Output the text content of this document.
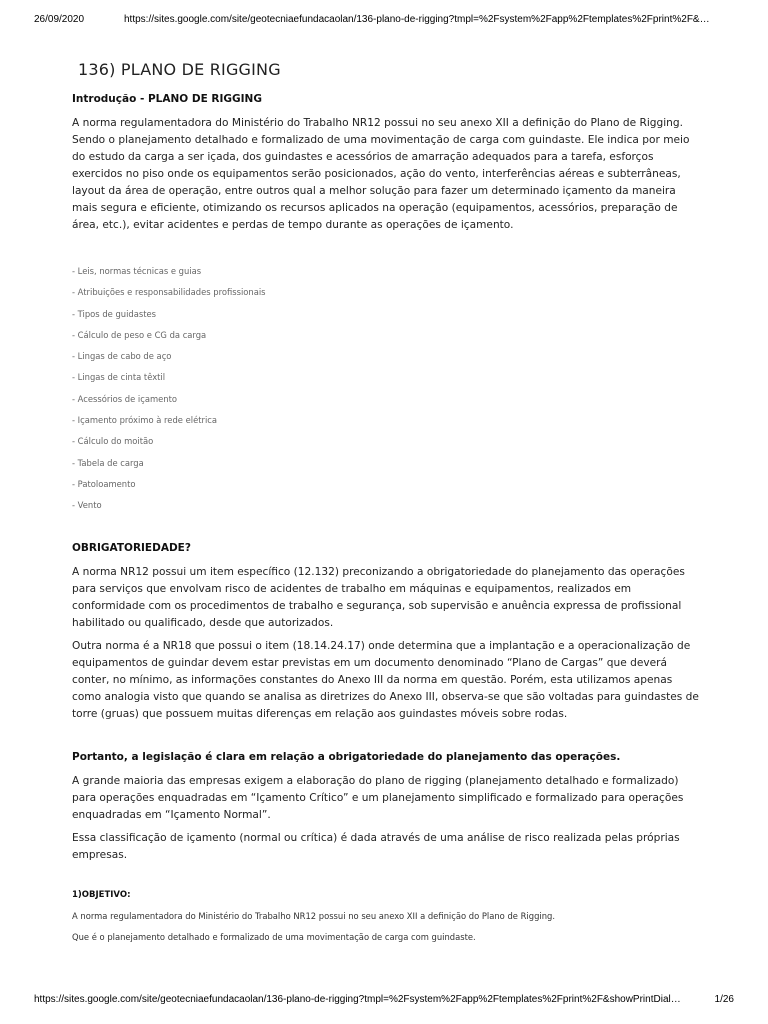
26/09/2020	https://sites.google.com/site/geotecniaefundacaolan/136-plano-de-rigging?tmpl=%2Fsystem%2Fapp%2Ftemplates%2Fprint%2F&…
136) PLANO DE RIGGING
Introdução - PLANO DE RIGGING

A norma regulamentadora do Ministério do Trabalho NR12 possui no seu anexo XII a definição do Plano de Rigging. Sendo o planejamento detalhado e formalizado de uma movimentação de carga com guindaste. Ele indica por meio do estudo da carga a ser içada, dos guindastes e acessórios de amarração adequados para a tarefa, esforços exercidos no piso onde os equipamentos serão posicionados, ação do vento, interferências aéreas e subterrâneas, layout da área de operação, entre outros qual a melhor solução para fazer um determinado içamento da maneira mais segura e eficiente, otimizando os recursos aplicados na operação (equipamentos, acessórios, preparação de área, etc.), evitar acidentes e perdas de tempo durante as operações de içamento.

- Leis, normas técnicas e guias
- Atribuições e responsabilidades profissionais
- Tipos de guidastes
- Cálculo de peso e CG da carga
- Lingas de cabo de aço
- Lingas de cinta têxtil
- Acessórios de içamento
- Içamento próximo à rede elétrica
- Cálculo do moitão
- Tabela de carga
- Patoloamento
- Vento
OBRIGATORIEDADE?

A norma NR12 possui um item específico (12.132) preconizando a obrigatoriedade do planejamento das operações para serviços que envolvam risco de acidentes de trabalho em máquinas e equipamentos, realizados em conformidade com os procedimentos de trabalho e segurança, sob supervisão e anuência expressa de profissional habilitado ou qualificado, desde que autorizados.

Outra norma é a NR18 que possui o item (18.14.24.17) onde determina que a implantação e a operacionalização de equipamentos de guindar devem estar previstas em um documento denominado “Plano de Cargas” que deverá conter, no mínimo, as informações constantes do Anexo III da norma em questão. Porém, esta utilizamos apenas como analogia visto que quando se analisa as diretrizes do Anexo III, observa-se que são voltadas para guindastes de torre (gruas) que possuem muitas diferenças em relação aos guindastes móveis sobre rodas.

Portanto, a legislação é clara em relação a obrigatoriedade do planejamento das operações.

A grande maioria das empresas exigem a elaboração do plano de rigging (planejamento detalhado e formalizado) para operações enquadradas em “Içamento Crítico” e um planejamento simplificado e formalizado para operações enquadradas em “Içamento Normal”.

Essa classificação de içamento (normal ou crítica) é dada através de uma análise de risco realizada pelas próprias empresas.

1)OBJETIVO:

A norma regulamentadora do Ministério do Trabalho NR12 possui no seu anexo XII a definição do Plano de Rigging.

Que é o planejamento detalhado e formalizado de uma movimentação de carga com guindaste.

https://sites.google.com/site/geotecniaefundacaolan/136-plano-de-rigging?tmpl=%2Fsystem%2Fapp%2Ftemplates%2Fprint%2F&showPrintDial…	1/26
